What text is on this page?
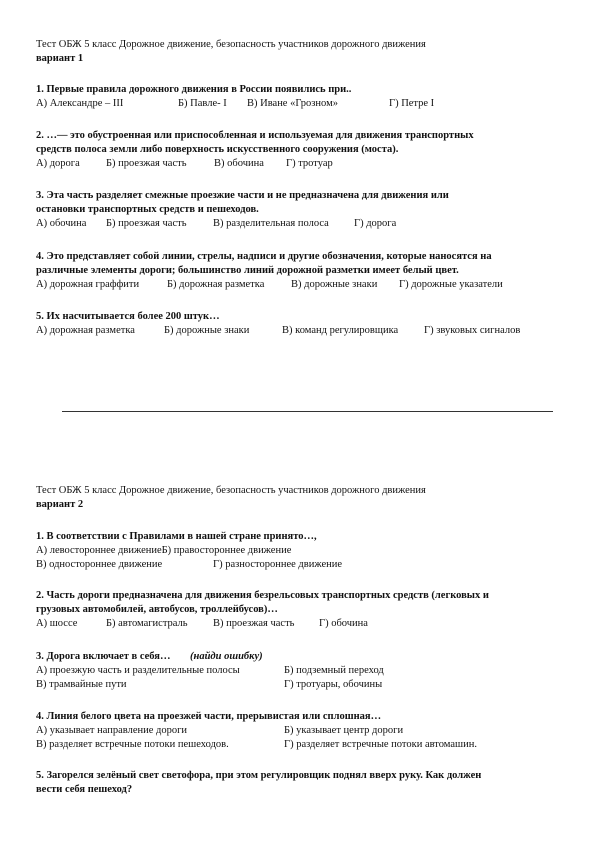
Тест ОБЖ 5 класс Дорожное движение, безопасность участников дорожного движения
вариант 1
1. Первые правила дорожного движения в России появились при..
А) Александре – III	Б) Павле- I В) Иване «Грозном»	Г) Петре I
2. …— это обустроенная или приспособленная и используемая для движения транспортных
средств полоса земли либо поверхность искусственного сооружения (моста).
А) дорога Б) проезжая часть	В) обочина Г) тротуар
3. Эта часть разделяет смежные проезжие части и не предназначена для движения или
остановки транспортных средств и пешеходов.
А) обочина Б) проезжая часть	В) разделительная полоса Г) дорога
4. Это представляет собой линии, стрелы, надписи и другие обозначения, которые наносятся на
различные элементы дороги; большинство линий дорожной разметки имеет белый цвет.
А) дорожная граффити	Б) дорожная разметка	В) дорожные знаки Г) дорожные указатели
5. Их насчитывается более 200 штук…
А) дорожная разметка	Б) дорожные знаки	В) команд регулировщика Г) звуковых сигналов
Тест ОБЖ 5 класс Дорожное движение, безопасность участников дорожного движения
вариант 2
1. В соответствии с Правилами в нашей стране принято…,
А) левостороннее движениеБ) правостороннее движение
В) одностороннее движение	Г) разностороннее движение
2. Часть дороги предназначена для движения безрельсовых транспортных средств (легковых и
грузовых автомобилей, автобусов, троллейбусов)…
А) шоссе	Б) автомагистраль В) проезжая часть Г) обочина
3. Дорога включает в себя… (найди ошибку)
А) проезжую часть и разделительные полосы	Б) подземный переход
В) трамвайные пути	Г) тротуары, обочины
4. Линия белого цвета на проезжей части, прерывистая или сплошная…
А) указывает направление дороги	Б) указывает центр дороги
В) разделяет встречные потоки пешеходов.	Г) разделяет встречные потоки автомашин.
5. Загорелся зелёный свет светофора, при этом регулировщик поднял вверх руку. Как должен
вести себя пешеход?
